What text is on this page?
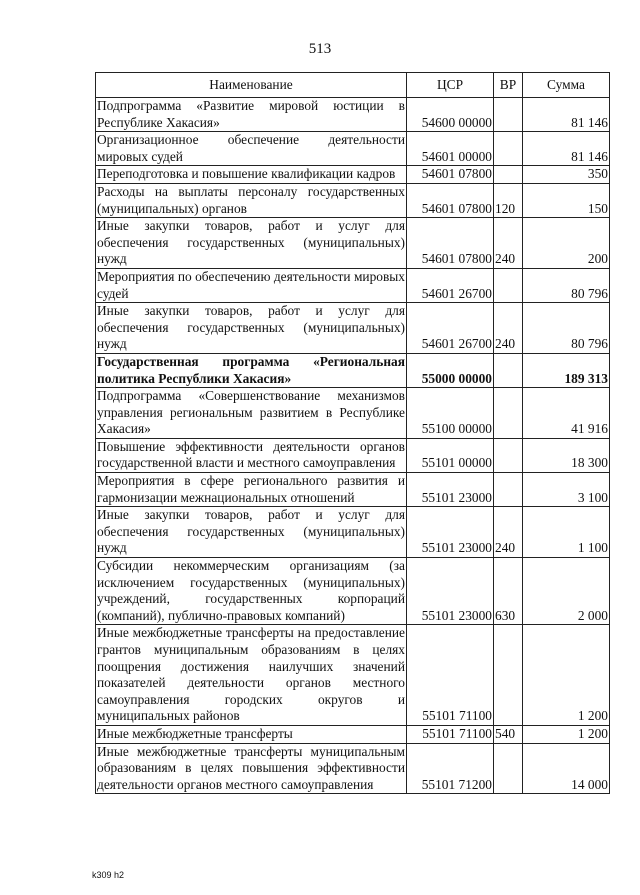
513
Наименование	ЦСР	ВР	Сумма
Подпрограмма «Развитие мировой юстиции в Республике Хакасия»	54600 00000		81 146
Организационное обеспечение деятельности мировых судей	54601 00000		81 146
Переподготовка и повышение квалификации кадров	54601 07800		350
Расходы на выплаты персоналу государственных (муниципальных) органов	54601 07800	120	150
Иные закупки товаров, работ и услуг для обеспечения государственных (муниципальных) нужд	54601 07800	240	200
Мероприятия по обеспечению деятельности мировых судей	54601 26700		80 796
Иные закупки товаров, работ и услуг для обеспечения государственных (муниципальных) нужд	54601 26700	240	80 796
Государственная программа «Региональная политика Республики Хакасия»	55000 00000		189 313
Подпрограмма «Совершенствование механизмов управления региональным развитием в Республике Хакасия»	55100 00000		41 916
Повышение эффективности деятельности органов государственной власти и местного самоуправления	55101 00000		18 300
Мероприятия в сфере регионального развития и гармонизации межнациональных отношений	55101 23000		3 100
Иные закупки товаров, работ и услуг для обеспечения государственных (муниципальных) нужд	55101 23000	240	1 100
Субсидии некоммерческим организациям (за исключением государственных (муниципальных) учреждений, государственных корпораций (компаний), публично-правовых компаний)	55101 23000	630	2 000
Иные межбюджетные трансферты на предоставление грантов муниципальным образованиям в целях поощрения достижения наилучших значений показателей деятельности органов местного самоуправления городских округов и муниципальных районов	55101 71100		1 200
Иные межбюджетные трансферты	55101 71100	540	1 200
Иные межбюджетные трансферты муниципальным образованиям в целях повышения эффективности деятельности органов местного самоуправления	55101 71200		14 000
k309 h2
